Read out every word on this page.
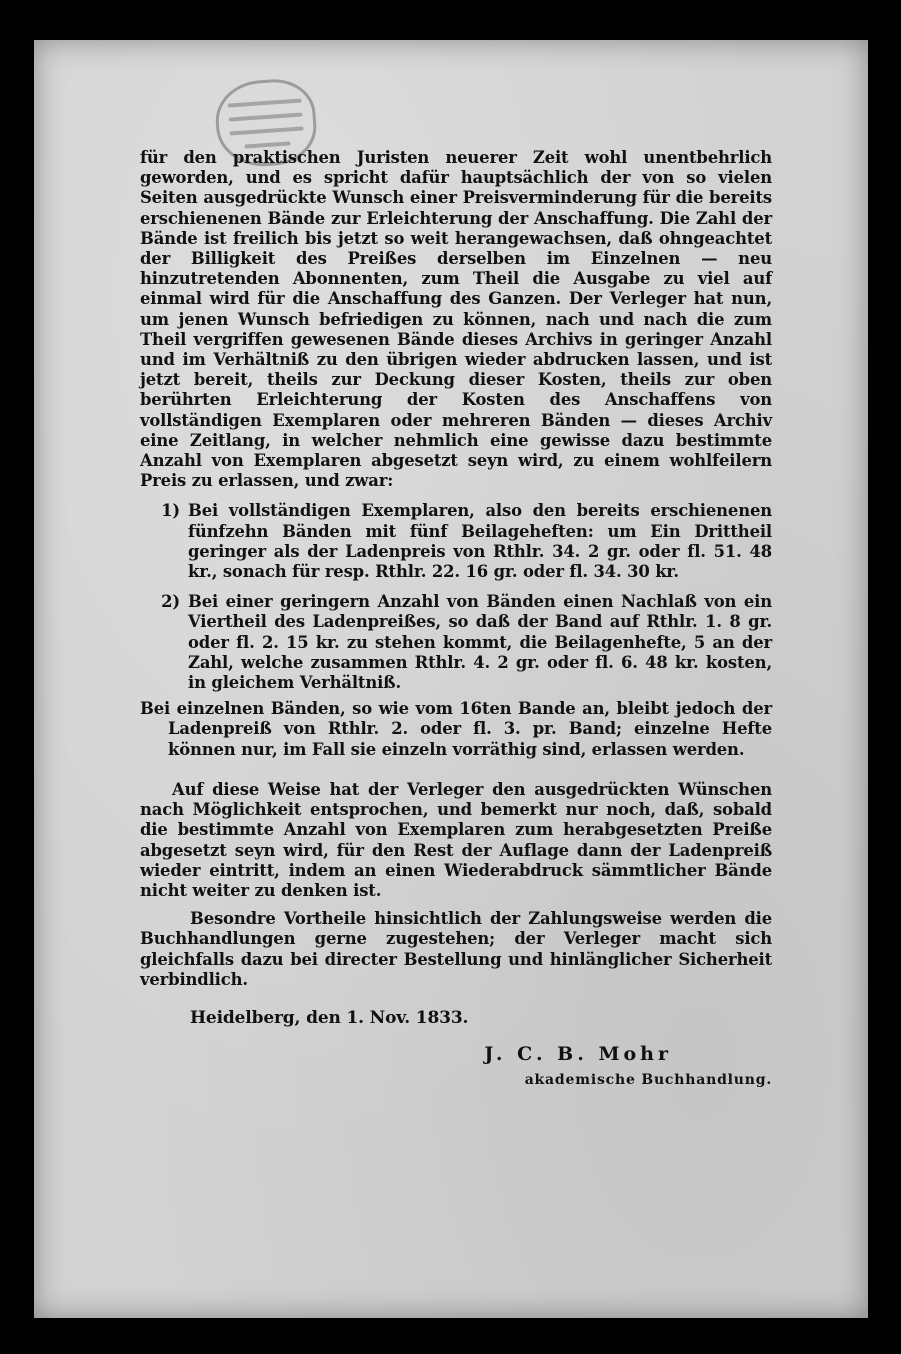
für den praktischen Juristen neuerer Zeit wohl unentbehrlich geworden, und es spricht dafür hauptsächlich der von so vielen Seiten ausgedrückte Wunsch einer Preisverminderung für die bereits erschienenen Bände zur Erleichterung der Anschaffung. Die Zahl der Bände ist freilich bis jetzt so weit herangewachsen, daß ohngeachtet der Billigkeit des Preißes derselben im Einzelnen — neu hinzutretenden Abonnenten, zum Theil die Ausgabe zu viel auf einmal wird für die Anschaffung des Ganzen. Der Verleger hat nun, um jenen Wunsch befriedigen zu können, nach und nach die zum Theil vergriffen gewesenen Bände dieses Archivs in geringer Anzahl und im Verhältniß zu den übrigen wieder abdrucken lassen, und ist jetzt bereit, theils zur Deckung dieser Kosten, theils zur oben berührten Erleichterung der Kosten des Anschaffens von vollständigen Exemplaren oder mehreren Bänden — dieses Archiv eine Zeitlang, in welcher nehmlich eine gewisse dazu bestimmte Anzahl von Exemplaren abgesetzt seyn wird, zu einem wohlfeilern Preis zu erlassen, und zwar:

1) Bei vollständigen Exemplaren, also den bereits erschienenen fünfzehn Bänden mit fünf Beilageheften: um Ein Drittheil geringer als der Ladenpreis von Rthlr. 34. 2 gr. oder fl. 51. 48 kr., sonach für resp. Rthlr. 22. 16 gr. oder fl. 34. 30 kr.
2) Bei einer geringern Anzahl von Bänden einen Nachlaß von ein Viertheil des Ladenpreißes, so daß der Band auf Rthlr. 1. 8 gr. oder fl. 2. 15 kr. zu stehen kommt, die Beilagenhefte, 5 an der Zahl, welche zusammen Rthlr. 4. 2 gr. oder fl. 6. 48 kr. kosten, in gleichem Verhältniß.

Bei einzelnen Bänden, so wie vom 16ten Bande an, bleibt jedoch der Ladenpreiß von Rthlr. 2. oder fl. 3. pr. Band; einzelne Hefte können nur, im Fall sie einzeln vorräthig sind, erlassen werden.

Auf diese Weise hat der Verleger den ausgedrückten Wünschen nach Möglichkeit entsprochen, und bemerkt nur noch, daß, sobald die bestimmte Anzahl von Exemplaren zum herabgesetzten Preiße abgesetzt seyn wird, für den Rest der Auflage dann der Ladenpreiß wieder eintritt, indem an einen Wiederabdruck sämmtlicher Bände nicht weiter zu denken ist.

Besondre Vortheile hinsichtlich der Zahlungsweise werden die Buchhandlungen gerne zugestehen; der Verleger macht sich gleichfalls dazu bei directer Bestellung und hinlänglicher Sicherheit verbindlich.

Heidelberg, den 1. Nov. 1833.
J. C. B. Mohr
akademische Buchhandlung.
